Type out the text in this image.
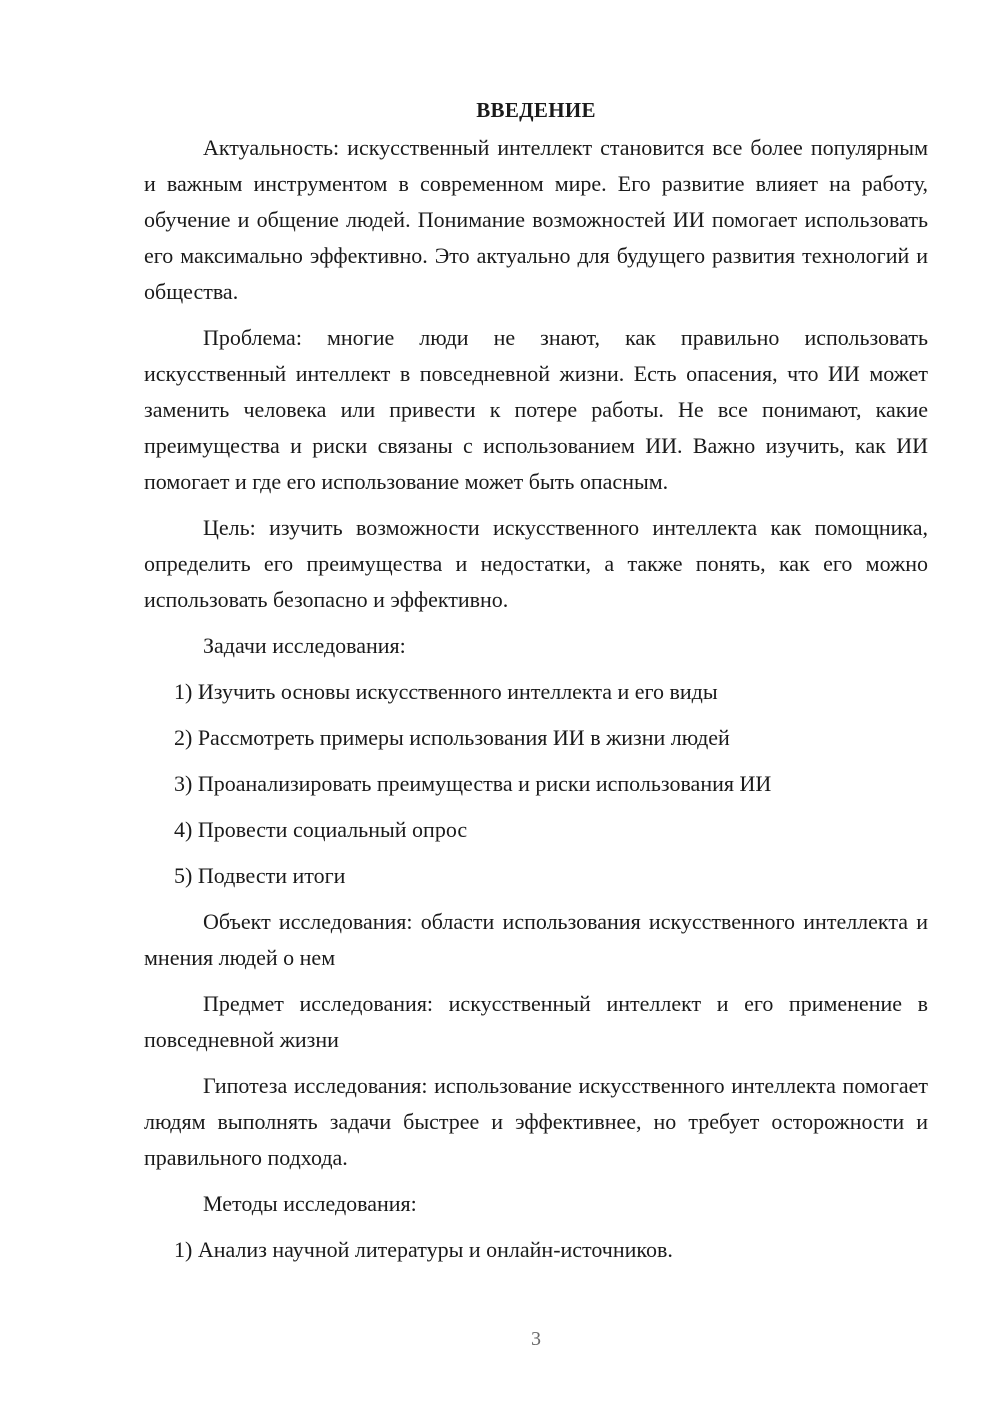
ВВЕДЕНИЕ

Актуальность: искусственный интеллект становится все более популярным и важным инструментом в современном мире. Его развитие влияет на работу, обучение и общение людей. Понимание возможностей ИИ помогает использовать его максимально эффективно. Это актуально для будущего развития технологий и общества.

Проблема: многие люди не знают, как правильно использовать искусственный интеллект в повседневной жизни. Есть опасения, что ИИ может заменить человека или привести к потере работы. Не все понимают, какие преимущества и риски связаны с использованием ИИ. Важно изучить, как ИИ помогает и где его использование может быть опасным.

Цель: изучить возможности искусственного интеллекта как помощника, определить его преимущества и недостатки, а также понять, как его можно использовать безопасно и эффективно.

Задачи исследования:

1) Изучить основы искусственного интеллекта и его виды

2) Рассмотреть примеры использования ИИ в жизни людей

3) Проанализировать преимущества и риски использования ИИ

4) Провести социальный опрос

5) Подвести итоги

Объект исследования: области использования искусственного интеллекта и мнения людей о нем

Предмет исследования: искусственный интеллект и его применение в повседневной жизни

Гипотеза исследования: использование искусственного интеллекта помогает людям выполнять задачи быстрее и эффективнее, но требует осторожности и правильного подхода.

Методы исследования:

1) Анализ научной литературы и онлайн-источников.

3
